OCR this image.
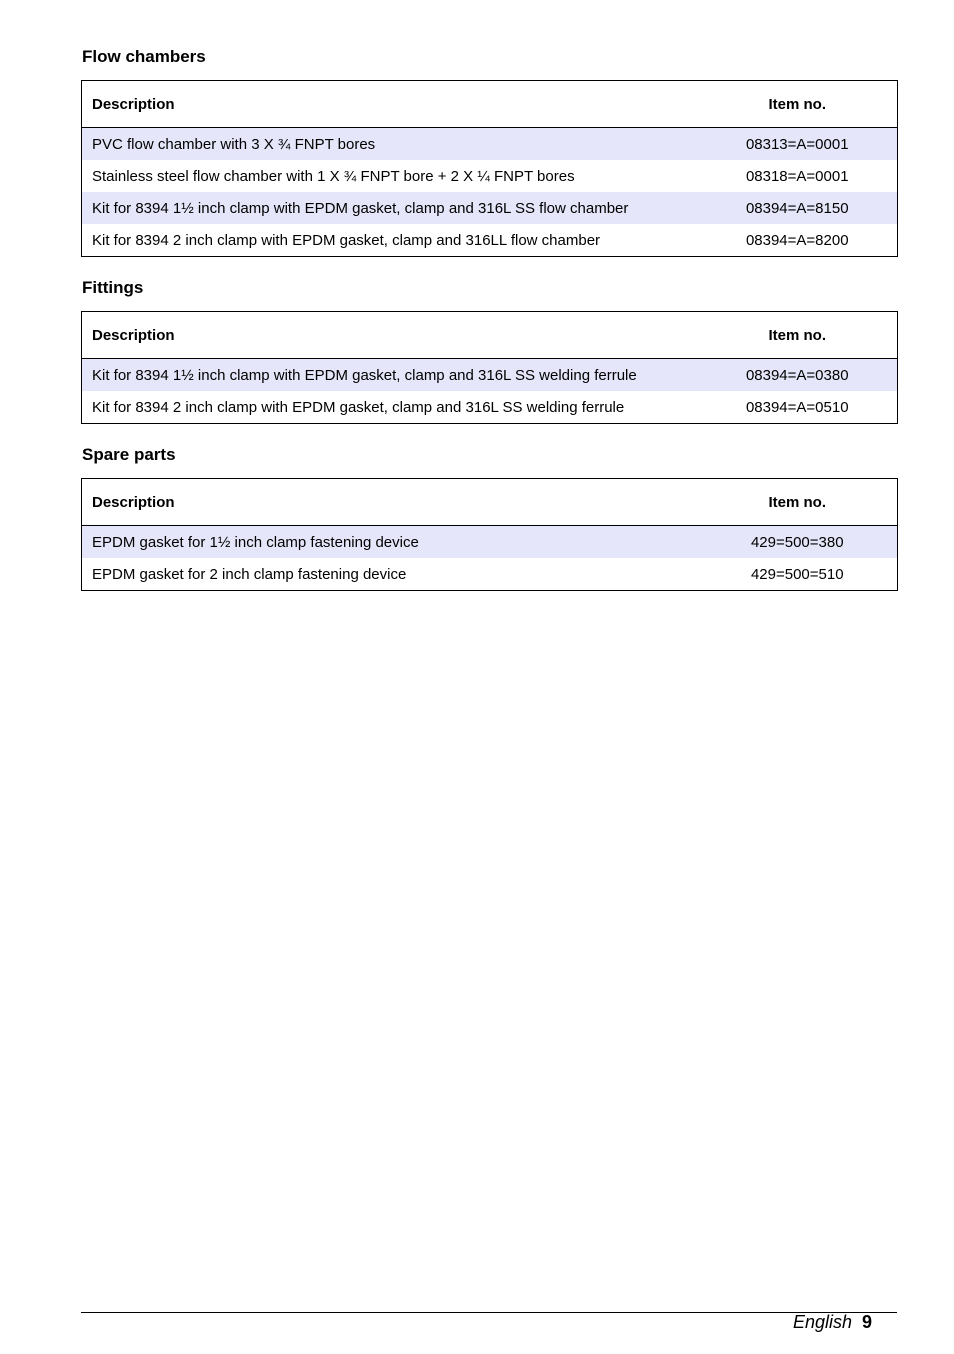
Flow chambers
Description	Item no.
PVC flow chamber with 3 X ¾ FNPT bores	08313=A=0001
Stainless steel flow chamber with 1 X ¾ FNPT bore + 2 X ¼ FNPT bores	08318=A=0001
Kit for 8394 1½ inch clamp with EPDM gasket, clamp and 316L SS flow chamber	08394=A=8150
Kit for 8394 2 inch clamp with EPDM gasket, clamp and 316LL flow chamber	08394=A=8200
Fittings
Description	Item no.
Kit for 8394 1½ inch clamp with EPDM gasket, clamp and 316L SS welding ferrule	08394=A=0380
Kit for 8394 2 inch clamp with EPDM gasket, clamp and 316L SS welding ferrule	08394=A=0510
Spare parts
Description	Item no.
EPDM gasket for 1½ inch clamp fastening device	429=500=380
EPDM gasket for 2 inch clamp fastening device	429=500=510
English 9
